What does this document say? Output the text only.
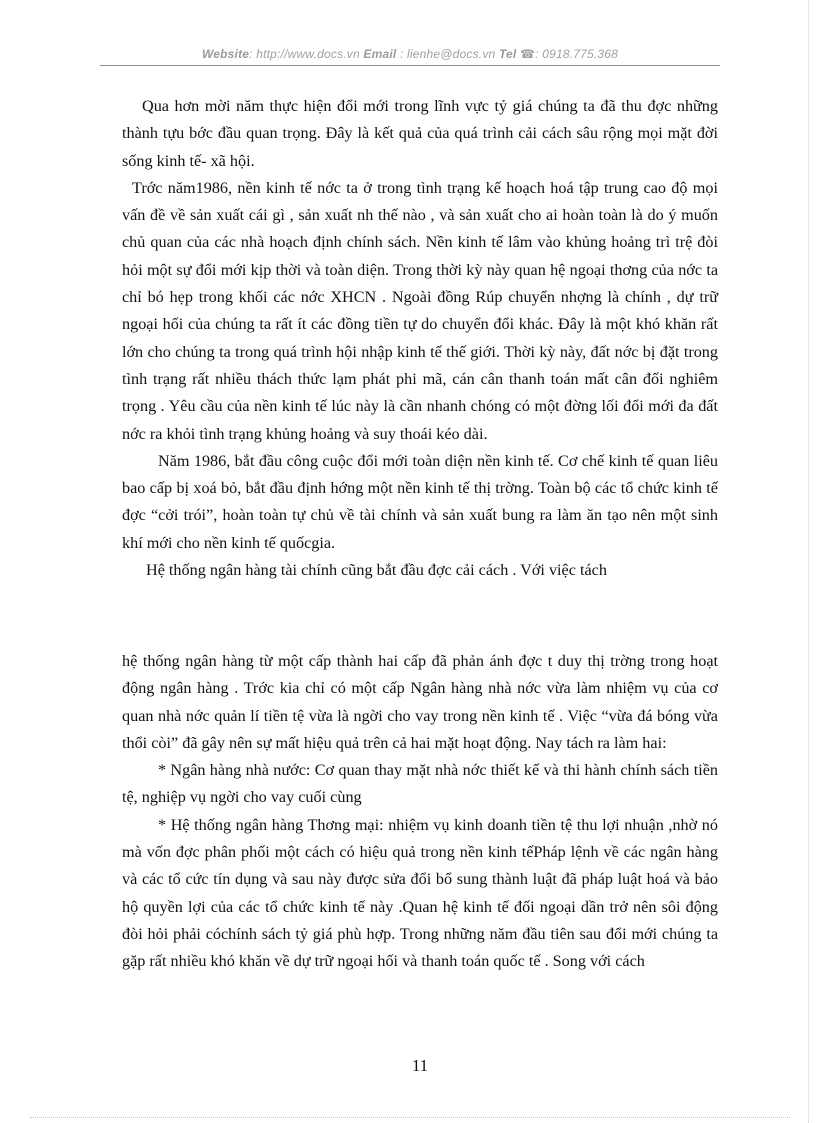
Website: http://www.docs.vn Email : lienhe@docs.vn Tel ☎: 0918.775.368

Qua hơn mời năm thực hiện đổi mới trong lĩnh vực tỷ giá chúng ta đã thu đợc những thành tựu bớc đầu quan trọng. Đây là kết quả của quá trình cải cách sâu rộng mọi mặt đời sống kinh tế- xã hội.

Trớc năm1986, nền kinh tế nớc ta ở trong tình trạng kế hoạch hoá tập trung cao độ mọi vấn đề về sản xuất cái gì , sản xuất nh thế nào , và sản xuất cho ai hoàn toàn là do ý muốn chủ quan của các nhà hoạch định chính sách. Nền kinh tế lâm vào khủng hoảng trì trệ đòi hỏi một sự đổi mới kịp thời và toàn diện. Trong thời kỳ này quan hệ ngoại thơng của nớc ta chỉ bó hẹp trong khối các nớc XHCN . Ngoài đồng Rúp chuyển nhợng là chính , dự trữ ngoại hối của chúng ta rất ít các đồng tiền tự do chuyển đổi khác. Đây là một khó khăn rất lớn cho chúng ta trong quá trình hội nhập kinh tế thế giới. Thời kỳ này, đất nớc bị đặt trong tình trạng rất nhiều thách thức lạm phát phi mã, cán cân thanh toán mất cân đối nghiêm trọng . Yêu cầu của nền kinh tế lúc này là cần nhanh chóng có một đờng lối đổi mới đa đất nớc ra khỏi tình trạng khủng hoảng và suy thoái kéo dài.

Năm 1986, bắt đầu công cuộc đổi mới toàn diện nền kinh tế. Cơ chế kinh tế quan liêu bao cấp bị xoá bỏ, bắt đầu định hớng một nền kinh tế thị trờng. Toàn bộ các tổ chức kinh tế đợc “cởi trói”, hoàn toàn tự chủ về tài chính và sản xuất bung ra làm ăn tạo nên một sinh khí mới cho nền kinh tế quốcgia.

Hệ thống ngân hàng tài chính cũng bắt đầu đợc cải cách . Với việc tách

hệ thống ngân hàng từ một cấp thành hai cấp đã phản ánh đợc t duy thị trờng trong hoạt động ngân hàng . Trớc kia chỉ có một cấp Ngân hàng nhà nớc vừa làm nhiệm vụ của cơ quan nhà nớc quản lí tiền tệ vừa là ngời cho vay trong nền kinh tế . Việc “vừa đá bóng vừa thổi còi” đã gây nên sự mất hiệu quả trên cả hai mặt hoạt động. Nay tách ra làm hai:

* Ngân hàng nhà nước: Cơ quan thay mặt nhà nớc thiết kế và thi hành chính sách tiền tệ, nghiệp vụ ngời cho vay cuối cùng

* Hệ thống ngân hàng Thơng mại: nhiệm vụ kinh doanh tiền tệ thu lợi nhuận ,nhờ nó mà vốn đợc phân phối một cách có hiệu quả trong nền kinh tếPháp lệnh về các ngân hàng và các tổ cức tín dụng và sau này được sửa đổi bổ sung thành luật đã pháp luật hoá và bảo hộ quyền lợi của các tổ chức kinh tế này .Quan hệ kinh tế đối ngoại dần trở nên sôi động đòi hỏi phải cóchính sách tỷ giá phù hợp. Trong những năm đầu tiên sau đổi mới chúng ta gặp rất nhiều khó khăn về dự trữ ngoại hối và thanh toán quốc tế . Song với cách

11
